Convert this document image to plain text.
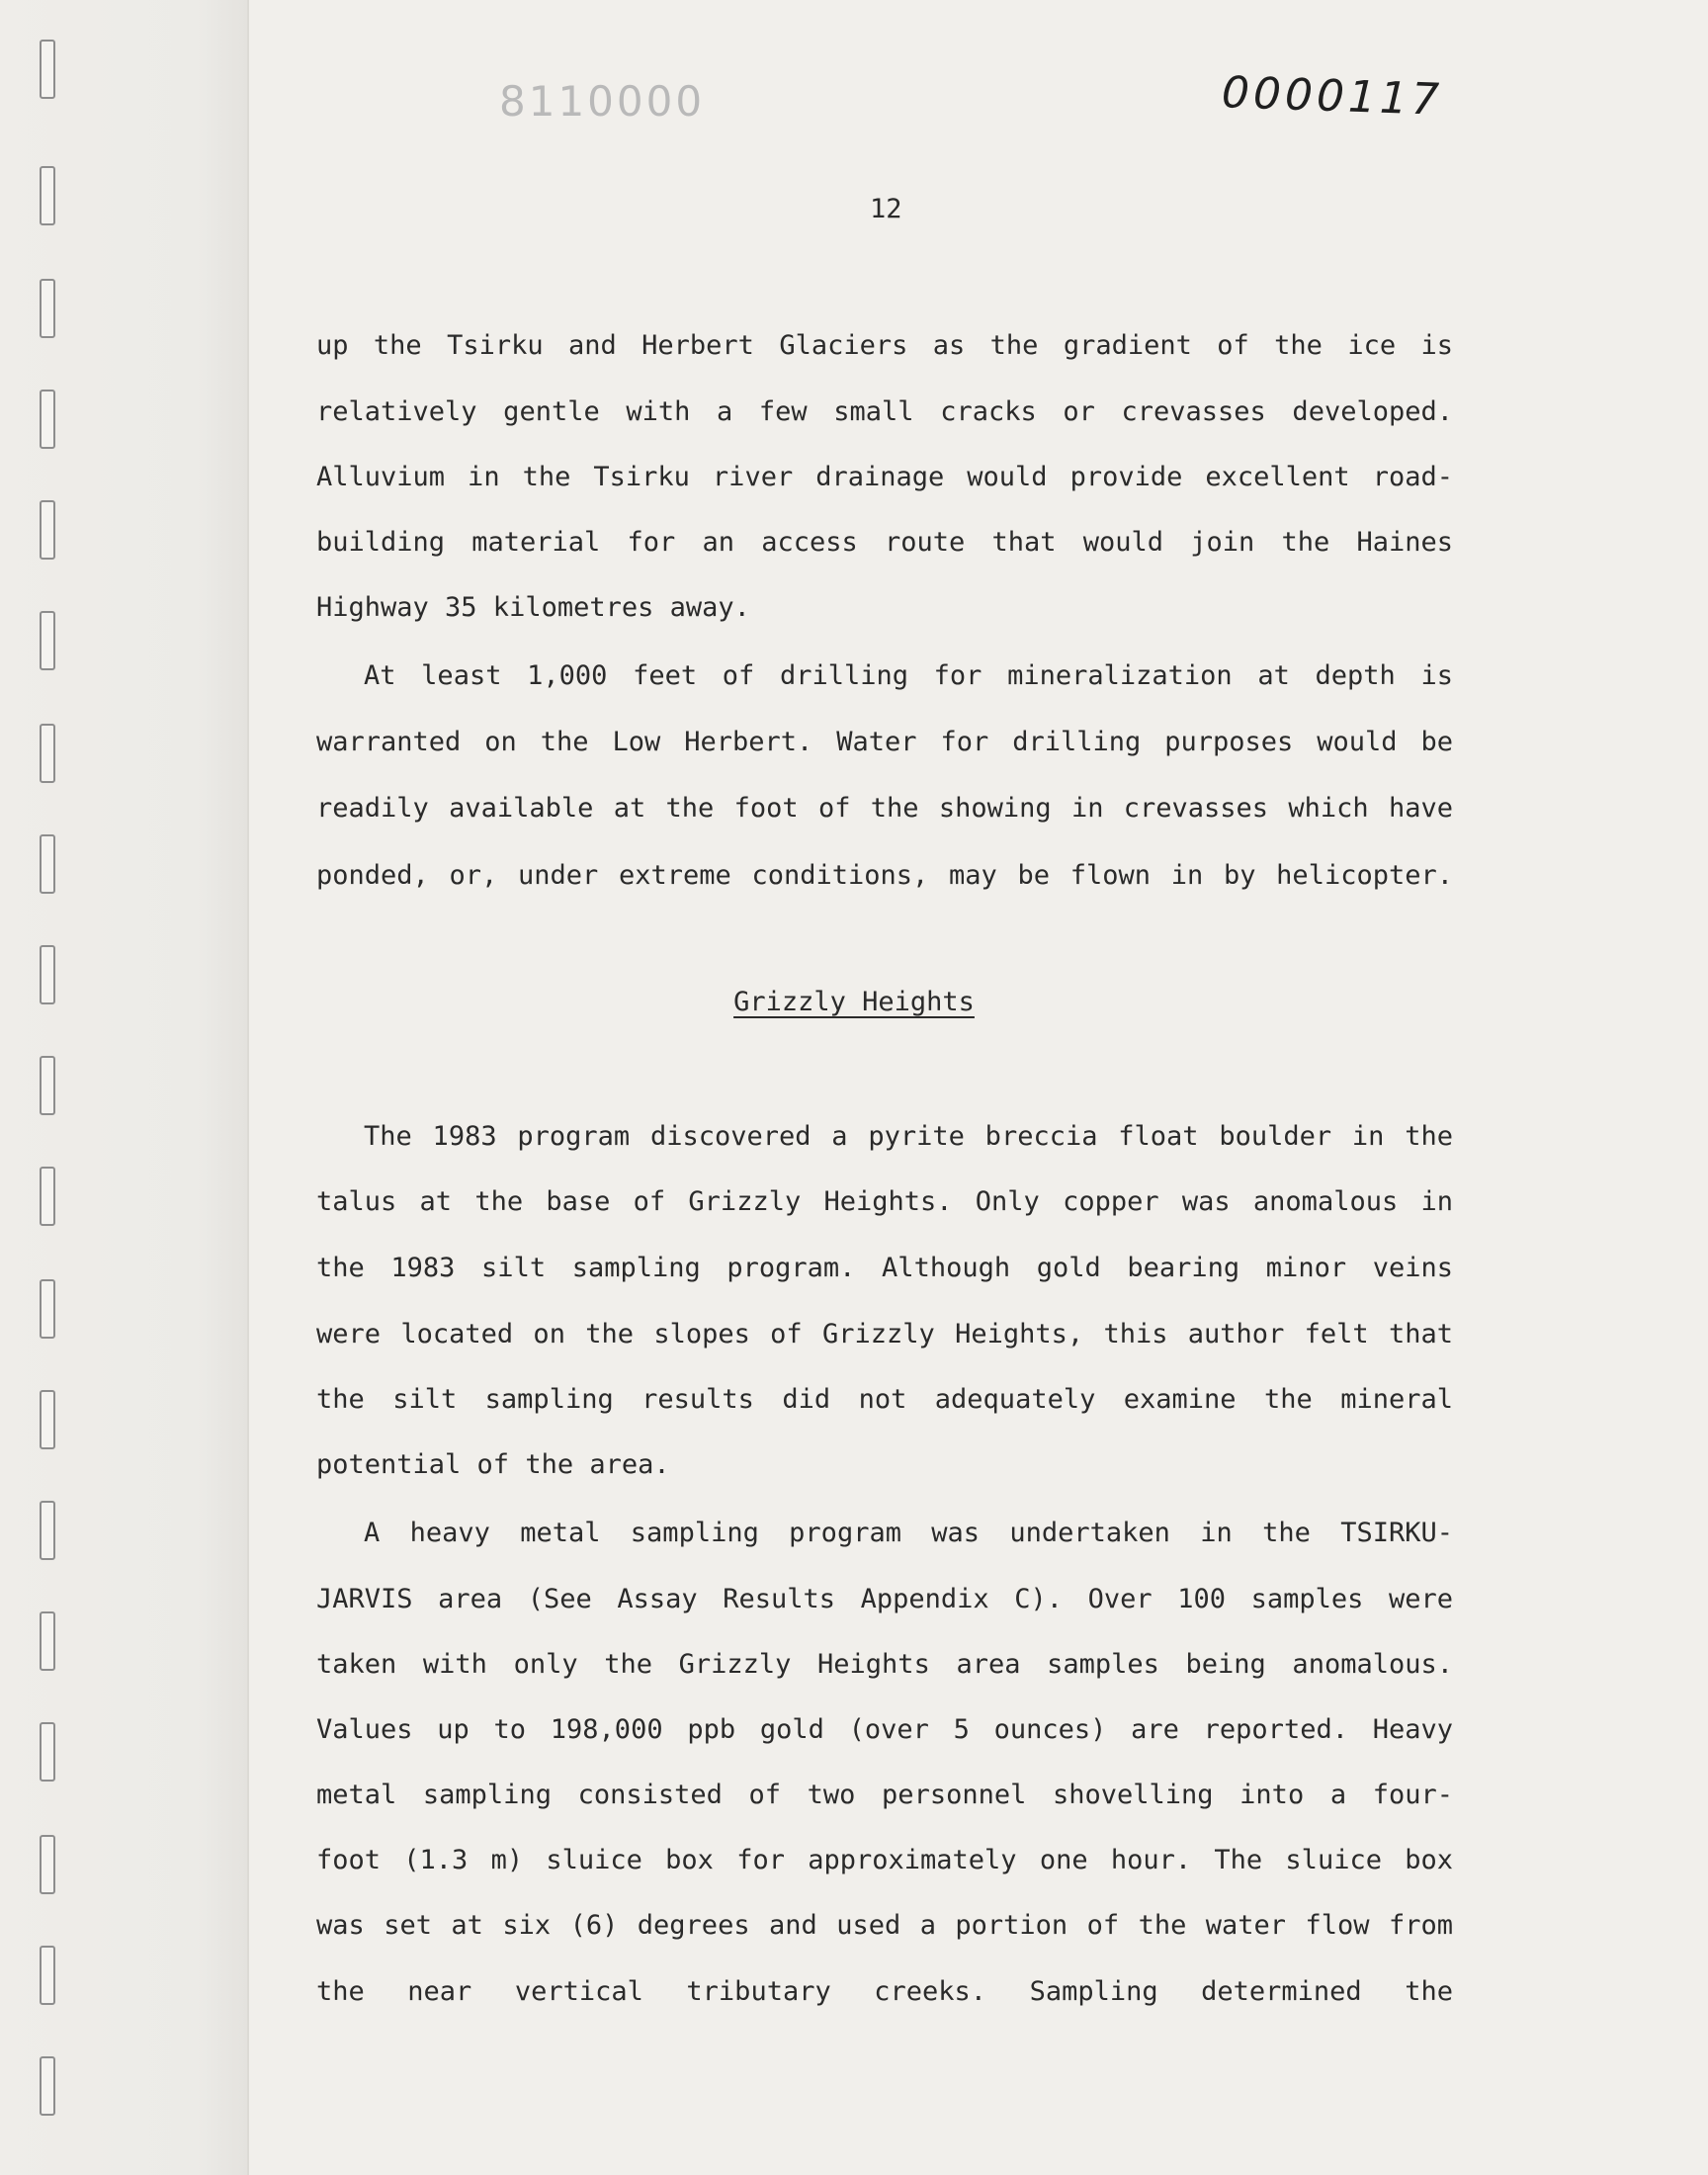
8110000	0000117
12
up the Tsirku and Herbert Glaciers as the gradient of the ice is
relatively gentle with a few small cracks or crevasses developed.
Alluvium in the Tsirku river drainage would provide excellent road-
building material for an access route that would join the Haines
Highway 35 kilometres away.
At least 1,000 feet of drilling for mineralization at depth is
warranted on the Low Herbert. Water for drilling purposes would be
readily available at the foot of the showing in crevasses which have
ponded, or, under extreme conditions, may be flown in by helicopter.
Grizzly Heights
The 1983 program discovered a pyrite breccia float boulder in the
talus at the base of Grizzly Heights. Only copper was anomalous in
the 1983 silt sampling program. Although gold bearing minor veins
were located on the slopes of Grizzly Heights, this author felt that
the silt sampling results did not adequately examine the mineral
potential of the area.
A heavy metal sampling program was undertaken in the TSIRKU-
JARVIS area (See Assay Results Appendix C). Over 100 samples were
taken with only the Grizzly Heights area samples being anomalous.
Values up to 198,000 ppb gold (over 5 ounces) are reported. Heavy
metal sampling consisted of two personnel shovelling into a four-
foot (1.3 m) sluice box for approximately one hour. The sluice box
was set at six (6) degrees and used a portion of the water flow from
the near vertical tributary creeks. Sampling determined the
